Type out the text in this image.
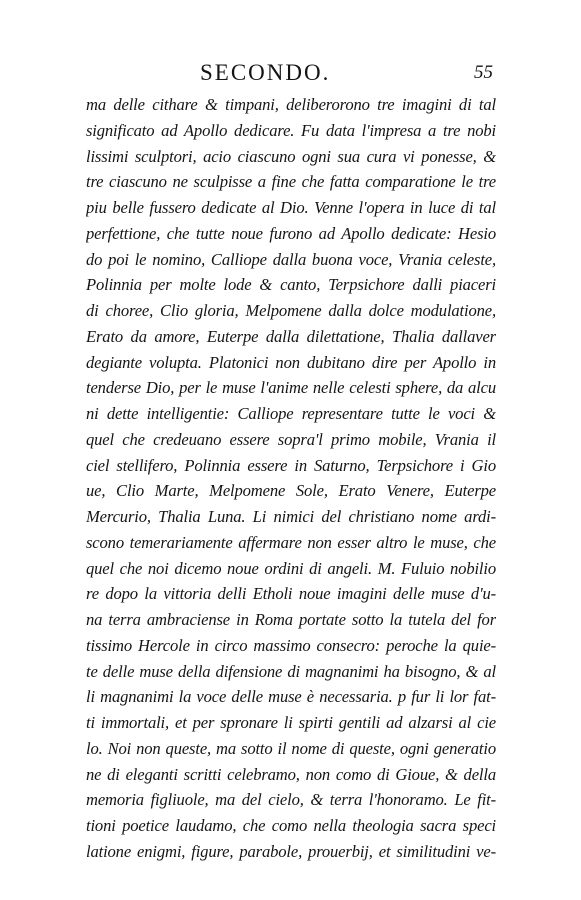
SECONDO.	55
ma delle cithare & timpani, deliberorono tre imagini di tal
significato ad Apollo dedicare. Fu data l'impresa a tre nobi
lissimi sculptori, acio ciascuno ogni sua cura vi ponesse, &
tre ciascuno ne sculpisse a fine che fatta comparatione le tre
piu belle fussero dedicate al Dio. Venne l'opera in luce di tal
perfettione, che tutte noue furono ad Apollo dedicate: Hesio
do poi le nomino, Calliope dalla buona voce, Vrania celeste,
Polinnia per molte lode & canto, Terpsichore dalli piaceri
di choree, Clio gloria, Melpomene dalla dolce modulatione,
Erato da amore, Euterpe dalla dilettatione, Thalia dallaver
degiante volupta. Platonici non dubitano dire per Apollo in
tenderse Dio, per le muse l'anime nelle celesti sphere, da alcu
ni dette intelligentie: Calliope representare tutte le voci &
quel che credeuano essere sopra'l primo mobile, Vrania il
ciel stellifero, Polinnia essere in Saturno, Terpsichore i Gio
ue, Clio Marte, Melpomene Sole, Erato Venere, Euterpe
Mercurio, Thalia Luna. Li nimici del christiano nome ardi-
scono temerariamente affermare non esser altro le muse, che
quel che noi dicemo noue ordini di angeli. M. Fuluio nobilio
re dopo la vittoria delli Etholi noue imagini delle muse d'u-
na terra ambraciense in Roma portate sotto la tutela del for
tissimo Hercole in circo massimo consecro: peroche la quie-
te delle muse della difensione di magnanimi ha bisogno, & al
li magnanimi la voce delle muse è necessaria. p fur li lor fat-
ti immortali, et per spronare li spirti gentili ad alzarsi al cie
lo. Noi non queste, ma sotto il nome di queste, ogni generatio
ne di eleganti scritti celebramo, non como di Gioue, & della
memoria figliuole, ma del cielo, & terra l'honoramo. Le fit-
tioni poetice laudamo, che como nella theologia sacra speci
latione enigmi, figure, parabole, prouerbij, et similitudini ve-
